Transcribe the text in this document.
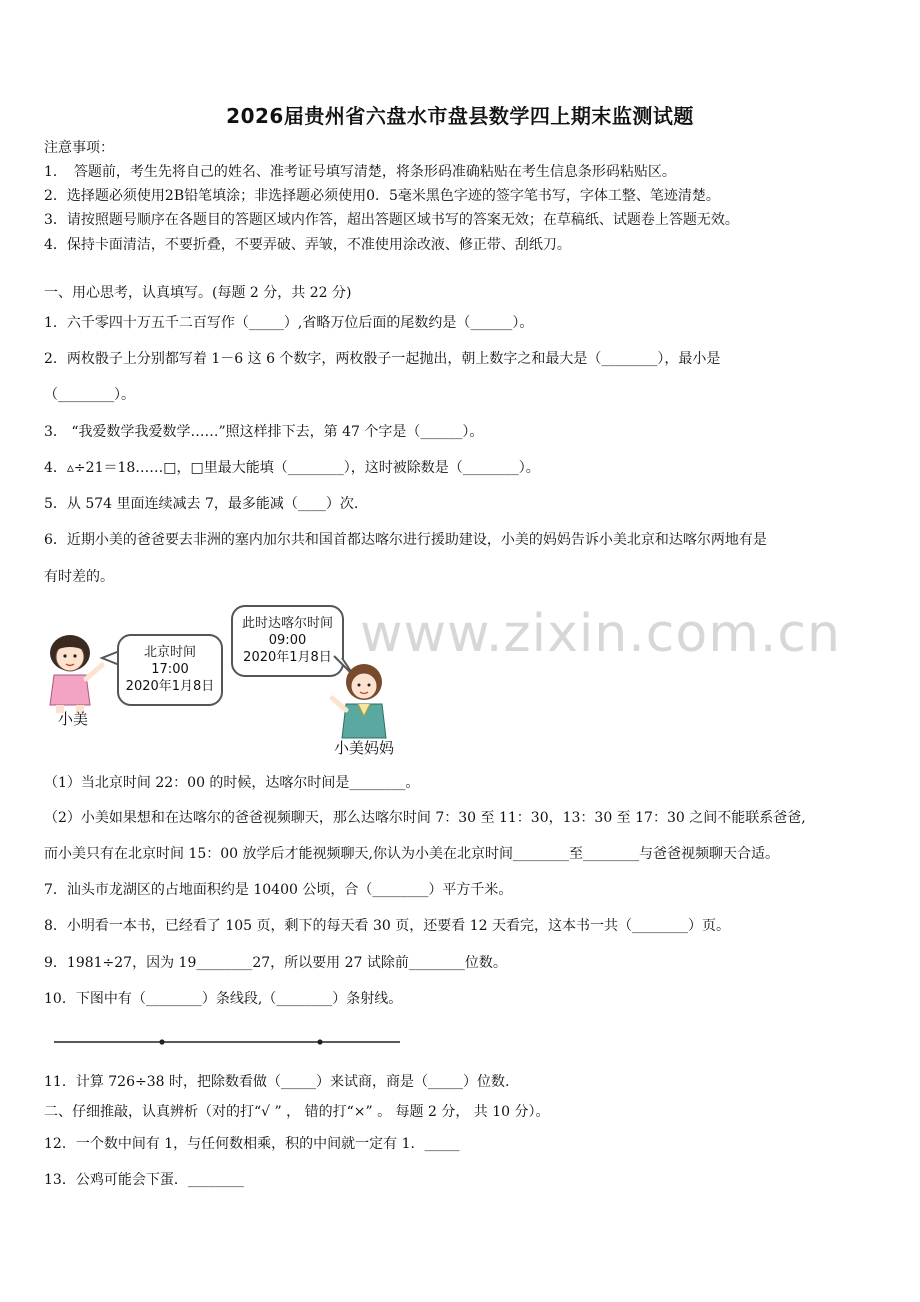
2026届贵州省六盘水市盘县数学四上期末监测试题
注意事项：
1．　答题前，考生先将自己的姓名、准考证号填写清楚，将条形码准确粘贴在考生信息条形码粘贴区。
2．选择题必须使用2B铅笔填涂；非选择题必须使用0．5毫米黑色字迹的签字笔书写，字体工整、笔迹清楚。
3．请按照题号顺序在各题目的答题区域内作答，超出答题区域书写的答案无效；在草稿纸、试题卷上答题无效。
4．保持卡面清洁，不要折叠，不要弄破、弄皱，不准使用涂改液、修正带、刮纸刀。
一、用心思考，认真填写。(每题 2 分，共 22 分)
1．六千零四十万五千二百写作（_____）,省略万位后面的尾数约是（______）。
2．两枚骰子上分别都写着 1－6 这 6 个数字，两枚骰子一起抛出，朝上数字之和最大是（________），最小是
（________）。
3． “我爱数学我爱数学……”照这样排下去，第 47 个字是（______）。
4．▵÷21＝18……□，□里最大能填（________），这时被除数是（________）。
5．从 574 里面连续减去 7，最多能减（____）次.
6．近期小美的爸爸要去非洲的塞内加尔共和国首都达喀尔进行援助建设，小美的妈妈告诉小美北京和达喀尔两地有是
有时差的。
www.zixin.com.cn
北京时间
17:00
2020年1月8日
小美
此时达喀尔时间
09:00
2020年1月8日
小美妈妈
（1）当北京时间 22：00 的时候，达喀尔时间是________。
（2）小美如果想和在达喀尔的爸爸视频聊天，那么达喀尔时间 7：30 至 11：30，13：30 至 17：30 之间不能联系爸爸,
而小美只有在北京时间 15：00 放学后才能视频聊天,你认为小美在北京时间________至________与爸爸视频聊天合适。
7．汕头市龙湖区的占地面积约是 10400 公顷，合（________）平方千米。
8．小明看一本书，已经看了 105 页，剩下的每天看 30 页，还要看 12 天看完，这本书一共（________）页。
9．1981÷27，因为 19________27，所以要用 27 试除前________位数。
10．下图中有（________）条线段,（________）条射线。
11．计算 726÷38 时，把除数看做（_____）来试商，商是（_____）位数.
二、仔细推敲，认真辨析（对的打“√ ” ， 错的打“×” 。 每题 2 分， 共 10 分）。
12．一个数中间有 1，与任何数相乘，积的中间就一定有 1．_____
13．公鸡可能会下蛋．________
